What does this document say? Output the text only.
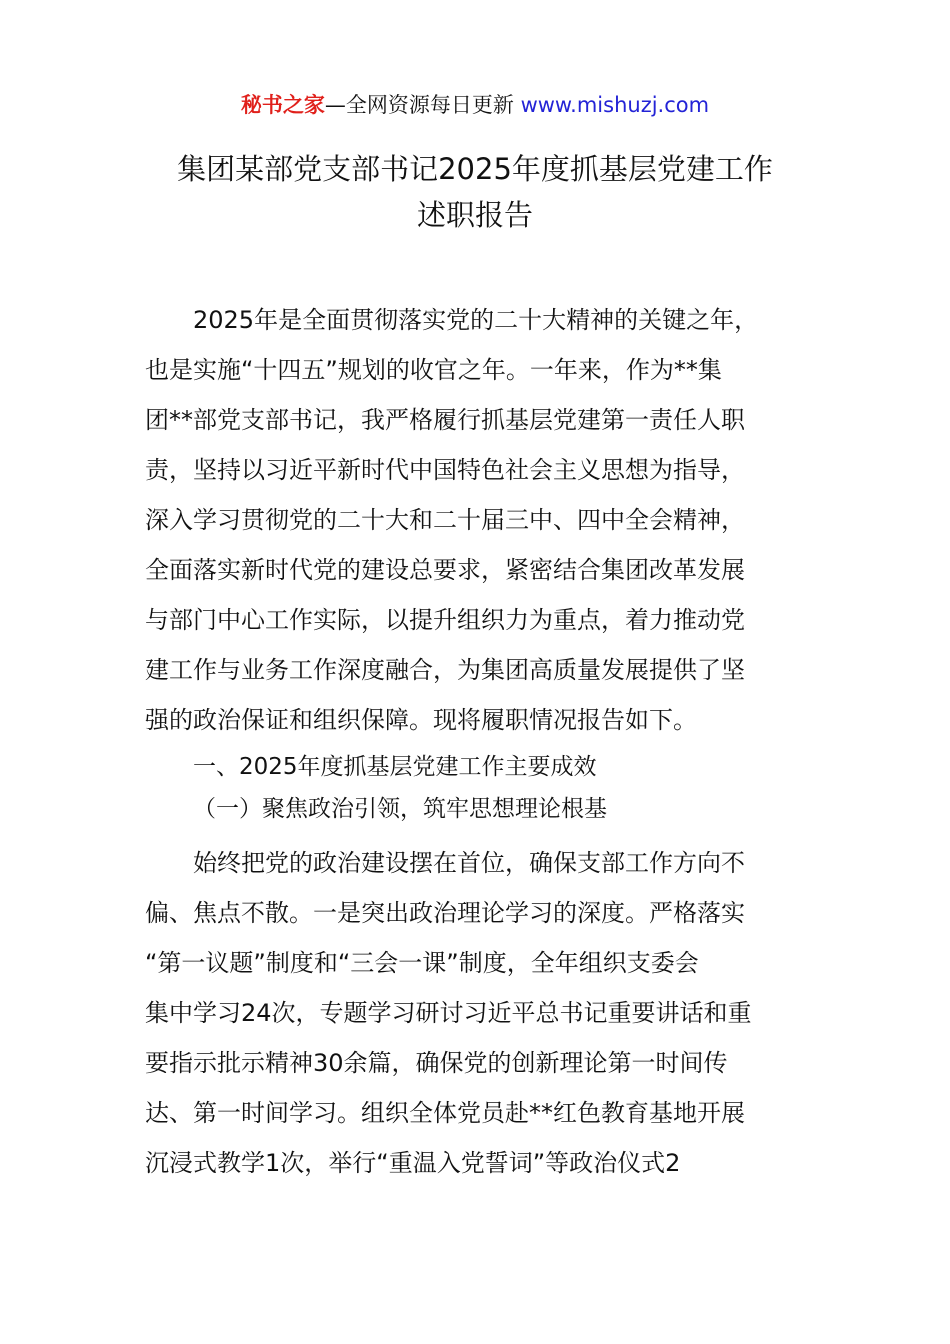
秘书之家—全网资源每日更新 www.mishuzj.com
集团某部党支部书记2025年度抓基层党建工作
述职报告
2025年是全面贯彻落实党的二十大精神的关键之年，
也是实施“十四五”规划的收官之年。一年来，作为**集
团**部党支部书记，我严格履行抓基层党建第一责任人职
责，坚持以习近平新时代中国特色社会主义思想为指导，
深入学习贯彻党的二十大和二十届三中、四中全会精神，
全面落实新时代党的建设总要求，紧密结合集团改革发展
与部门中心工作实际，以提升组织力为重点，着力推动党
建工作与业务工作深度融合，为集团高质量发展提供了坚
强的政治保证和组织保障。现将履职情况报告如下。
一、2025年度抓基层党建工作主要成效
（一）聚焦政治引领，筑牢思想理论根基
始终把党的政治建设摆在首位，确保支部工作方向不
偏、焦点不散。一是突出政治理论学习的深度。严格落实
“第一议题”制度和“三会一课”制度，全年组织支委会
集中学习24次，专题学习研讨习近平总书记重要讲话和重
要指示批示精神30余篇，确保党的创新理论第一时间传
达、第一时间学习。组织全体党员赴**红色教育基地开展
沉浸式教学1次，举行“重温入党誓词”等政治仪式2
